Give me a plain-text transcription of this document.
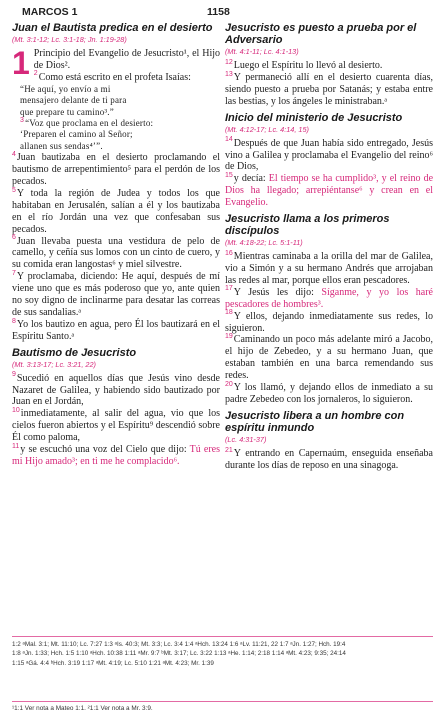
MARCOS 1	1158
Juan el Bautista predica en el desierto
(Mt. 3:1-12; Lc. 3:1-18; Jn. 1:19-28)

1 Principio del Evangelio de Jesucristo¹, el Hijo de Dios².

$^2$Como está escrito en el profeta Isaías:

“He aquí, yo envío a mi
mensajero delante de ti para
que prepare tu camino³.”
$^3$“Voz que proclama en el desierto:
‘Preparen el camino al Señor;
allanen sus sendas⁴’”.

$^4$Juan bautizaba en el desierto proclamando el bautismo de arrepentimiento⁵ para el perdón de los pecados.

$^5$Y toda la región de Judea y todos los que habitaban en Jerusalén, salían a él y los bautizaba en el río Jordán una vez que confesaban sus pecados.

$^6$Juan llevaba puesta una vestidura de pelo de camello, y ceñía sus lomos con un cinto de cuero, y su comida eran langostas⁶ y miel silvestre.

$^7$Y proclamaba, diciendo: He aquí, después de mí viene uno que es más poderoso que yo, ante quien no soy digno de inclinarme para desatar las correas de sus sandalias.ᵃ

$^8$Yo los bautizo en agua, pero Él los bautizará en el Espíritu Santo.ᵃ

Bautismo de Jesucristo
(Mt. 3:13-17; Lc. 3:21, 22)

$^9$Sucedió en aquellos días que Jesús vino desde Nazaret de Galilea, y habiendo sido bautizado por Juan en el Jordán,

$^{10}$inmediatamente, al salir del agua, vio que los cielos fueron abiertos y el Espíritu⁹ descendió sobre Él como paloma,

$^{11}$y se escuchó una voz del Cielo que dijo: Tú eres mi Hijo amado³; en ti me he complacido⁶.

Jesucristo es puesto a prueba por el Adversario
(Mt. 4:1-11; Lc. 4:1-13)

$^{12}$Luego el Espíritu lo llevó al desierto.

$^{13}$Y permaneció allí en el desierto cuarenta días, siendo puesto a prueba por Satanás; y estaba entre las bestias, y los ángeles le ministraban.ᵃ

Inicio del ministerio de Jesucristo
(Mt. 4:12-17; Lc. 4:14, 15)

$^{14}$Después de que Juan había sido entregado, Jesús vino a Galilea y proclamaba el Evangelio del reino⁶ de Dios,

$^{15}$y decía: El tiempo se ha cumplido³, y el reino de Dios ha llegado; arrepiéntanse⁶ y crean en el Evangelio.

Jesucristo llama a los primeros discípulos
(Mt. 4:18-22; Lc. 5:1-11)

$^{16}$Mientras caminaba a la orilla del mar de Galilea, vio a Simón y a su hermano Andrés que arrojaban las redes al mar, porque ellos eran pescadores.

$^{17}$Y Jesús les dijo: Síganme, y yo los haré pescadores de hombres³.

$^{18}$Y ellos, dejando inmediatamente sus redes, lo siguieron.

$^{19}$Caminando un poco más adelante miró a Jacobo, el hijo de Zebedeo, y a su hermano Juan, que estaban también en una barca remendando sus redes.

$^{20}$Y los llamó, y dejando ellos de inmediato a su padre Zebedeo con los jornaleros, lo siguieron.

Jesucristo libera a un hombre con espíritu inmundo
(Lc. 4:31-37)

$^{21}$Y entrando en Capernaúm, enseguida enseñaba durante los días de reposo en una sinagoga.

1:2 ᵃMal. 3:1; Mt. 11:10; Lc. 7:27 1:3 ᵃIs. 40:3; Mt. 3:3; Lc. 3:4 1:4 ᵃHch. 13:24 1:6 ᵃLv. 11:21, 22 1:7 ᵃJn. 1:27; Hch. 19:4
1:8 ᵃJn. 1:33; Hch. 1:5 1:10 ᵃHch. 10:38 1:11 ᵃMr. 9:7 ᵇMt. 3:17; Lc. 3:22 1:13 ᵃHe. 1:14; 2:18 1:14 ᵃMt. 4:23; 9:35; 24:14
1:15 ᵃGá. 4:4 ᵇHch. 3:19 1:17 ᵃMt. 4:19; Lc. 5:10 1:21 ᵃMt. 4:23; Mr. 1:39
¹1:1 Ver nota a Mateo 1:1. ²1:1 Ver nota a Mr. 3:9.
